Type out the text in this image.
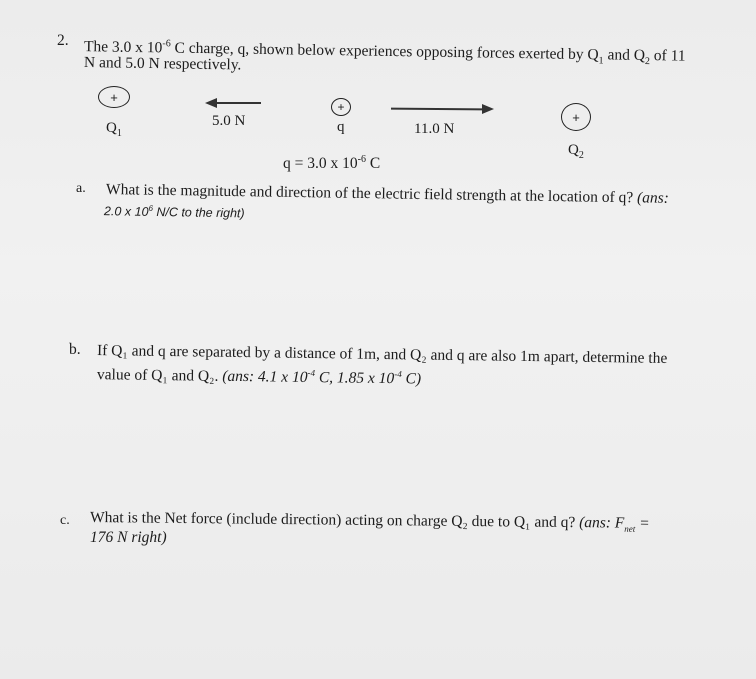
2. The 3.0 x $10^{-6}$ C charge, q, shown below experiences opposing forces exerted by $Q_1$ and $Q_2$ of 11
N and 5.0 N respectively.
+
$Q_1$
5.0 N
+
q	11.0 N
+
$Q_2$
q = 3.0 x $10^{-6}$ C
a. What is the magnitude and direction of the electric field strength at the location of q? (ans:
2.0 x $10^6$ N/C to the right)
b. If Q₁ and q are separated by a distance of 1m, and Q₂ and q are also 1m apart, determine the
value of Q₁ and Q₂. (ans: 4.1 x $10^{-4}$ C, 1.85 x $10^{-4}$ C)
c. What is the Net force (include direction) acting on charge Q₂ due to Q₁ and q? (ans: $F_{net}$ =
176 N right)
